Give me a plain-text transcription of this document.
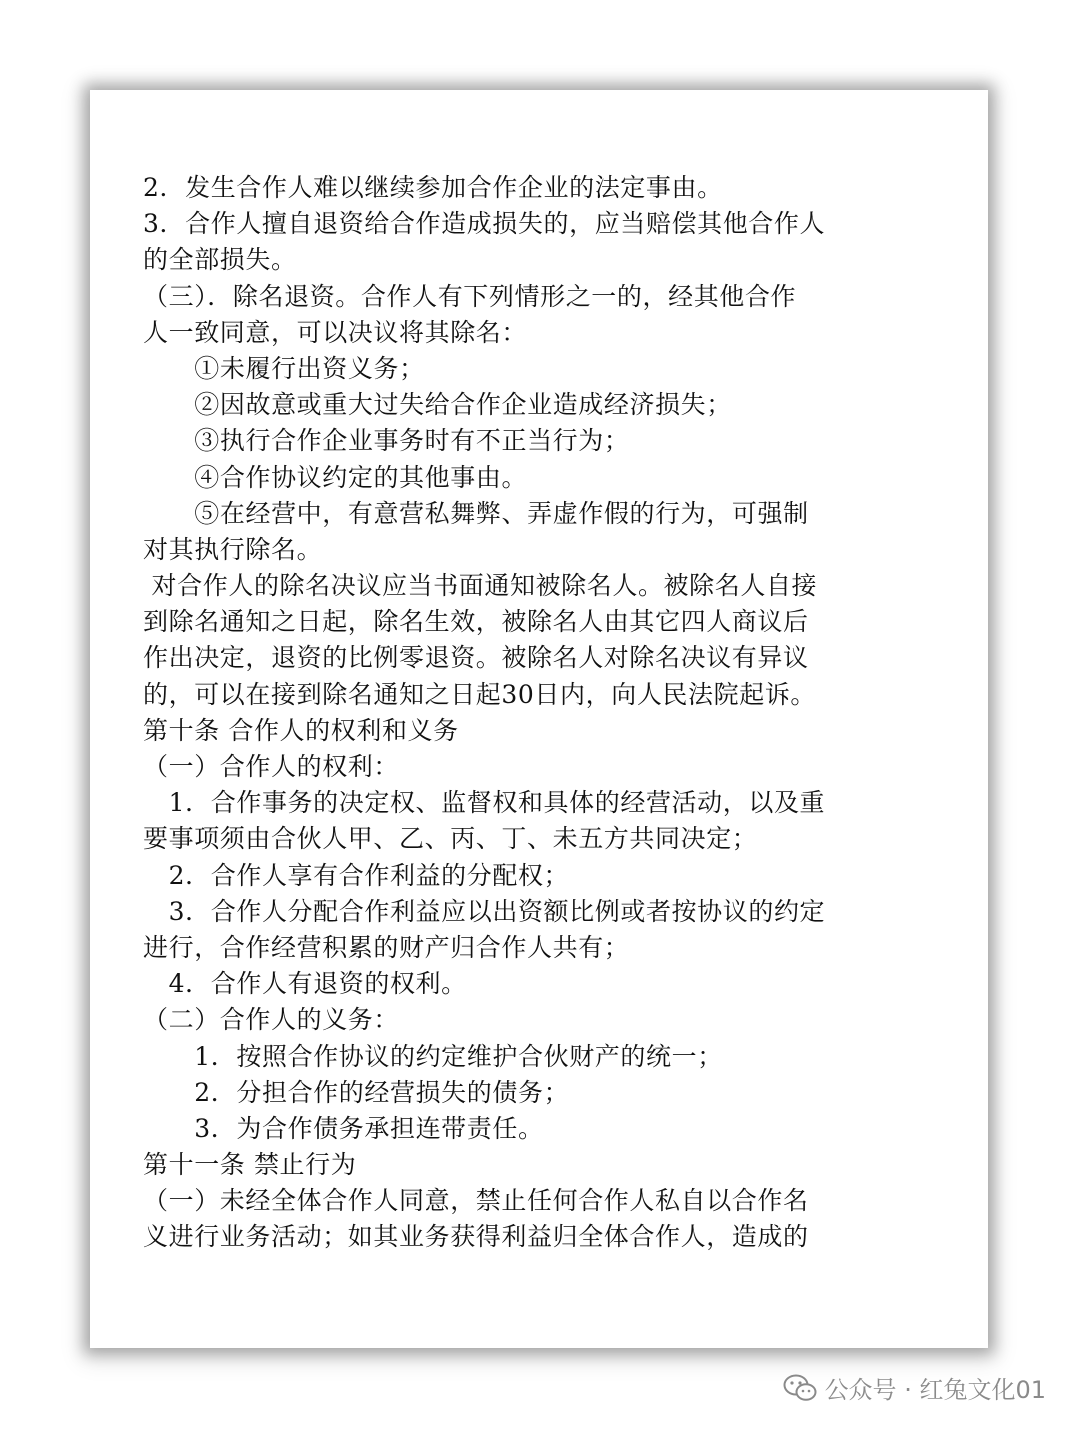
2．发生合作人难以继续参加合作企业的法定事由。
3．合作人擅自退资给合作造成损失的，应当赔偿其他合作人
的全部损失。
（三）．除名退资。合作人有下列情形之一的，经其他合作
人一致同意，可以决议将其除名：
①未履行出资义务；
②因故意或重大过失给合作企业造成经济损失；
③执行合作企业事务时有不正当行为；
④合作协议约定的其他事由。
⑤在经营中，有意营私舞弊、弄虚作假的行为，可强制
对其执行除名。
对合作人的除名决议应当书面通知被除名人。被除名人自接
到除名通知之日起，除名生效，被除名人由其它四人商议后
作出决定，退资的比例零退资。被除名人对除名决议有异议
的，可以在接到除名通知之日起30日内，向人民法院起诉。
第十条 合作人的权利和义务
（一）合作人的权利：
1．合作事务的决定权、监督权和具体的经营活动，以及重
要事项须由合伙人甲、乙、丙、丁、未五方共同决定；
2．合作人享有合作利益的分配权；
3．合作人分配合作利益应以出资额比例或者按协议的约定
进行，合作经营积累的财产归合作人共有；
4．合作人有退资的权利。
（二）合作人的义务：
1．按照合作协议的约定维护合伙财产的统一；
2．分担合作的经营损失的债务；
3．为合作债务承担连带责任。
第十一条 禁止行为
（一）未经全体合作人同意，禁止任何合作人私自以合作名
义进行业务活动；如其业务获得利益归全体合作人，造成的
公众号 · 红兔文化01
